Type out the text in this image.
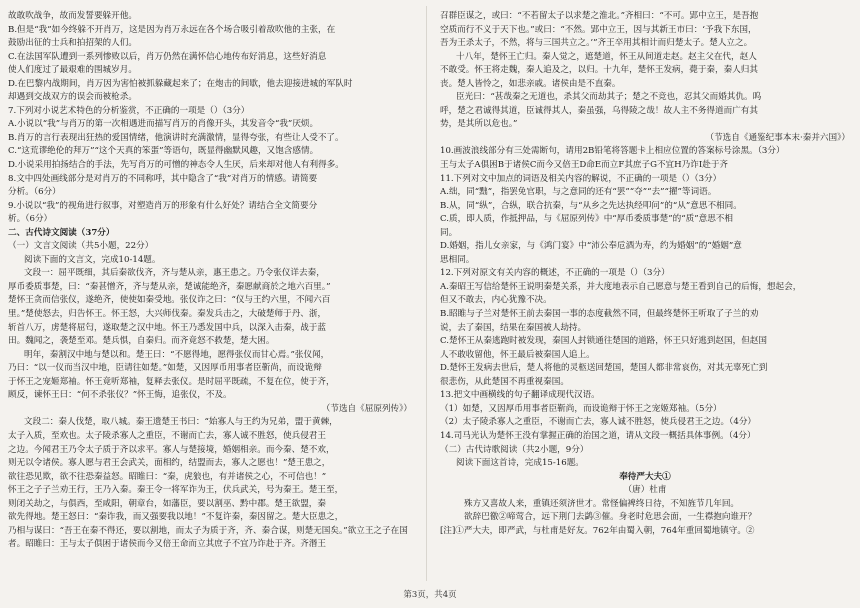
故敢吹战争，故而发誓要躲开他。
B.但是“我”如今终躲不开肖万，这是因为肖万永远在各个场合吸引着敌吹他的主张，在
鼓励出征的士兵和拍招架的人们。
C.在法国军队遭到一系列惨败以后，肖万仍然在满怀信心地传布好消息，这些好消息
使人们度过了最艰难的围城岁月。
D.在巴黎内战期间，肖万因为害怕被抓躲藏起来了；在炮击的间歇，他去迎接进城的军队时
却遇到交战双方的误会而被枪杀。
7.下列对小说艺术特色的分析鉴赏，不正确的一项是（）（3分）
A.小说以“我”与肖万的第一次相遇进而描写肖万的肖像开头，其发音令“我”厌烦。
B.肖万的言行表现出狂热的爱国情绪，他演讲时充满激情，显得夸张，有些让人受不了。
C.“这荒谬绝伦的拜万”“这个天真的笨蛋”等语句，既显得幽默风趣，又饱含感情。
D.小说采用拍扬结合的手法，先写肖万的可憎的神态令人生厌，后来却对他人有利得多。
8.文中四处画线部分是对肖万的不同称呼，其中隐含了“我”对肖万的情感。请简要
分析。（6分）
9.小说以“我”的视角进行叙事，对塑造肖万的形象有什么好处？请结合全文简要分
析。（6分）
二、古代诗文阅读（37分）
（一）文言文阅读（共5小题，22分）
阅读下面的文言文，完成10-14题。
文段一：屈平既细，其后秦欲伐齐，齐与楚从亲，惠王患之。乃令张仪详去秦，
厚币委质事楚，曰：“秦甚憎齐，齐与楚从亲，楚诚能绝齐，秦愿献商於之地六百里。”
楚怀王贪而信张仪，遂绝齐，使使如秦受地。张仪诈之曰：“仪与王约六里，不闻六百
里。”楚使怒去，归告怀王。怀王怒，大兴师伐秦。秦发兵击之，大破楚师于丹、浙，
斩首八万，虏楚将屈匄，遂取楚之汉中地。怀王乃悉发国中兵，以深入击秦，战于蓝
田。魏闻之，袭楚至邓。楚兵惧，自秦归。而齐竟怒不救楚，楚大困。
明年，秦割汉中地与楚以和。楚王曰：“不愿得地，愿得张仪而甘心焉。”张仪闻，
乃曰：“以一仪而当汉中地，臣请往如楚。”如楚，又因厚币用事者臣靳尚，而设诡辩
于怀王之宠姬郑袖。怀王竟听郑袖，复释去张仪。是时屈平既疏，不复在位，使于齐，
顾反，谏怀王曰：“何不杀张仪？”怀王悔，追张仪，不及。
（节选自《屈原列传》）
文段二：秦人伐楚，取八城。秦王遗楚王书曰：“始寡人与王约为兄弟，盟于黄棘，
太子入质，至欢也。太子陵杀寡人之重臣，不谢而亡去，寡人诚不胜怒，使兵侵君王
之边。今闻君王乃令太子质于齐以求平。寡人与楚接境，婚姻相亲。而今秦、楚不欢，
则无以令诸侯。寡人愿与君王会武关，面相约，结盟而去，寡人之愿也！”楚王患之，
欲往恐见欺，欲不往恐秦益怒。昭睢曰：“秦，虎狼也，有并诸侯之心，不可信也！”
怀王之子子兰劝王行，王乃入秦。秦王令一将军诈为王，伏兵武关，号为秦王。楚王至，
则闭关劫之，与俱西，至咸阳，朝章台，如藩臣，要以割巫、黔中郡。楚王欲盟，秦
欲先得地。楚王怒曰：“秦诈我，而又强要我以地！”不复许秦，秦因留之。楚大臣患之，
乃相与谋曰：“吾王在秦不得还，要以割地，而太子为质于齐，齐、秦合谋，则楚无国矣。”欲立王之子在国
者。昭睢曰：王与太子俱困于诸侯而今又倍王命而立其庶子不宜乃诈赴于齐。齐湣王
召群臣谋之，或曰：“不若留太子以求楚之淮北。”齐相曰：“不可。郢中立王，是吾抱
空质而行不义于天下也。”或曰：“不然。郢中立王，因与其新王市曰：‘予我下东国，
吾为王杀太子，不然，将与三国共立之。’”齐王卒用其相计而归楚太子。楚人立之。
十八年，楚怀王亡归。秦人觉之，遮楚道，怀王从间道走赵。赵主父在代，赵人
不敢受。怀王将走魏，秦人追及之，以归。十九年，楚怀王发病，薨于秦，秦人归其
丧。楚人皆怜之，如悲亲戚。诸侯由是不直秦。
臣光曰：“甚哉秦之无道也，杀其父而劫其子；楚之不竞也，忍其父而婚其仇。呜
呼，楚之君诚得其道，臣诚得其人，秦虽强，乌得陵之哉！故人主不务得道而广有其
势，是其所以危也。”
（节选自《通鉴纪事本末·秦并六国》）
10.画波浪线部分有三处需断句，请用2B铅笔将答题卡上相应位置的答案标号涂黑。（3分）
王与太子A俱困B于诸侯C而今又倍王D命E而立F其庶子G不宜H乃诈I赴于齐
11.下列对文中加点的词语及相关内容的解说，不正确的一项是（）（3分）
A.绌，同“黜”，指罢免官职，与之意同的还有“罢”“夺”“去”“擢”等词语。
B.从，同“纵”，合纵，联合抗秦，与“从乡之先达执经叩问”的“从”意思不相同。
C.质，即人质，作抵押品，与《屈原列传》中“厚币委质事楚”的“质”意思不相
同。
D.婚姻，指儿女亲家，与《鸿门宴》中“沛公奉卮酒为寿，约为婚姻”的“婚姻”意
思相同。
12.下列对原文有关内容的概述，不正确的一项是（）（3分）
A.秦昭王写信给楚怀王说明秦楚关系，并大度地表示自己愿意与楚王看到自己的后悔，想起会，
但又不敢去，内心犹豫不决。
B.昭睢与子兰对楚怀王前去秦国一事的态度截然不同，但最终楚怀王听取了子兰的劝
说，去了秦国，结果在秦国被人劫持。
C.楚怀王从秦逃跑时被发现，秦国人封锁通往楚国的道路，怀王只好逃到赵国，但赵国
人不敢收留他，怀王最后被秦国人追上。
D.楚怀王发病去世后，楚人将他的灵柩送回楚国，楚国人都非常哀伤，对其无辜死亡到
很悲伤，从此楚国不再重视秦国。
13.把文中画横线的句子翻译成现代汉语。
（1）如楚，又因厚币用事者臣靳尚，而设诡辩于怀王之宠姬郑袖。（5分）
（2）太子陵杀寡人之重臣，不谢而亡去，寡人诚不胜怒，使兵侵君王之边。（4分）
14.司马光认为楚怀王没有掌握正确的治国之道，请从文段一概括具体事例。（4分）
（二）古代诗歌阅读（共2小题，9分）
阅读下面这首诗，完成15-16题。
奉待严大夫①
（唐）杜甫
殊方又喜故人来，重镇还须济世才。常怪偏裨终日待，不知旌节几年回。
欲辞巴徼②啼莺合，远下荆门去鹢③催。身老时危思会面，一生襟抱向谁开？
[注]①严大夫，即严武，与杜甫是好友。762年由蜀入朝，764年重回蜀地镇守。②
第3页，共4页
